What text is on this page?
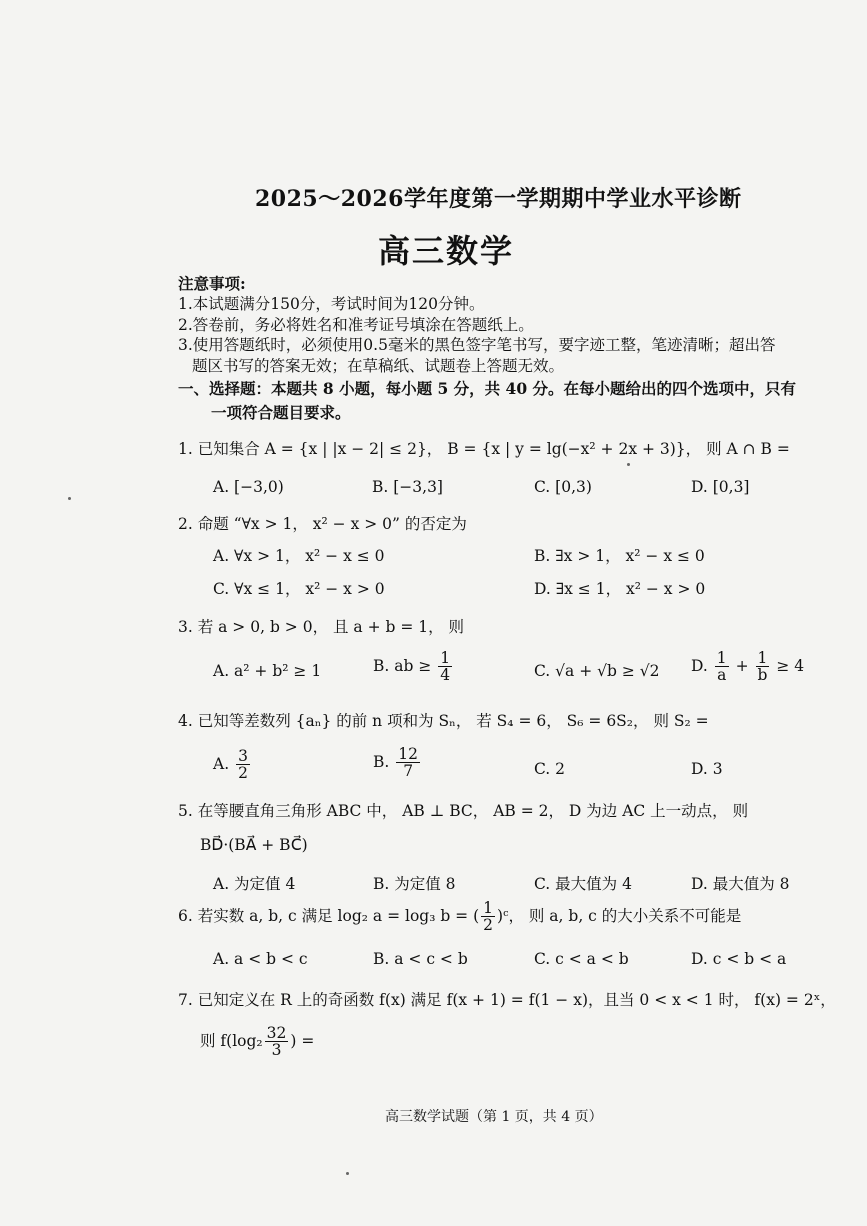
2025～2026学年度第一学期期中学业水平诊断
高三数学
注意事项:
1.本试题满分150分，考试时间为120分钟。
2.答卷前，务必将姓名和准考证号填涂在答题纸上。
3.使用答题纸时，必须使用0.5毫米的黑色签字笔书写，要字迹工整，笔迹清晰；超出答
题区书写的答案无效；在草稿纸、试题卷上答题无效。
一、选择题：本题共 8 小题，每小题 5 分，共 40 分。在每小题给出的四个选项中，只有
一项符合题目要求。
1. 已知集合 A = {x | |x − 2| ≤ 2}， B = {x | y = lg(−x² + 2x + 3)}， 则 A ∩ B =
A. [−3,0)	B. [−3,3]	C. [0,3)	D. [0,3]
2. 命题 “∀x > 1， x² − x > 0” 的否定为
A. ∀x > 1， x² − x ≤ 0	B. ∃x > 1， x² − x ≤ 0
C. ∀x ≤ 1， x² − x > 0	D. ∃x ≤ 1， x² − x > 0
3. 若 a > 0, b > 0， 且 a + b = 1， 则
A. a² + b² ≥ 1	B. ab ≥ $\frac{1}{4}$	C. √a + √b ≥ √2 D. $\frac{1}{a} + \frac{1}{b} \ge 4$
4. 已知等差数列 {aₙ} 的前 n 项和为 Sₙ， 若 S₄ = 6， S₆ = 6S₂， 则 S₂ =
A. $\frac{3}{2}$	B. $\frac{12}{7}$	C. 2	D. 3
5. 在等腰直角三角形 ABC 中， AB ⊥ BC， AB = 2， D 为边 AC 上一动点， 则
BD⃗·(BA⃗ + BC⃗)
A. 为定值 4	B. 为定值 8	C. 最大值为 4	D. 最大值为 8
6. 若实数 a, b, c 满足 log₂ a = log₃ b = ( $\frac{1}{2}$ )ᶜ， 则 a, b, c 的大小关系不可能是
A. a < b < c	B. a < c < b	C. c < a < b	D. c < b < a
7. 已知定义在 R 上的奇函数 f(x) 满足 f(x + 1) = f(1 − x)，且当 0 < x < 1 时， f(x) = 2ˣ，
则 $f(\log_2 \frac{32}{3}$ ) =
高三数学试题（第 1 页，共 4 页）
